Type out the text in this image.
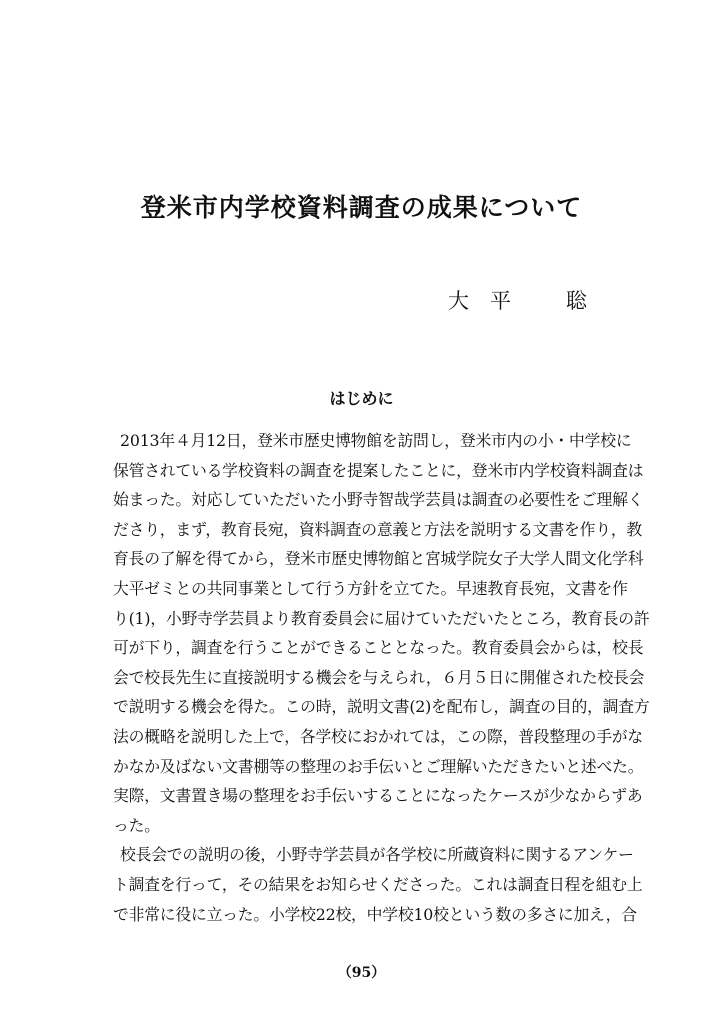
登米市内学校資料調査の成果について
大 平	聡
はじめに
2013年４月12日，登米市歴史博物館を訪問し，登米市内の小・中学校に
保管されている学校資料の調査を提案したことに，登米市内学校資料調査は
始まった。対応していただいた小野寺智哉学芸員は調査の必要性をご理解く
ださり，まず，教育長宛，資料調査の意義と方法を説明する文書を作り，教
育長の了解を得てから，登米市歴史博物館と宮城学院女子大学人間文化学科
大平ゼミとの共同事業として行う方針を立てた。早速教育長宛，文書を作
り(1)，小野寺学芸員より教育委員会に届けていただいたところ，教育長の許
可が下り，調査を行うことができることとなった。教育委員会からは，校長
会で校長先生に直接説明する機会を与えられ，６月５日に開催された校長会
で説明する機会を得た。この時，説明文書(2)を配布し，調査の目的，調査方
法の概略を説明した上で，各学校におかれては，この際，普段整理の手がな
かなか及ばない文書棚等の整理のお手伝いとご理解いただきたいと述べた。
実際，文書置き場の整理をお手伝いすることになったケースが少なからずあ
った。
校長会での説明の後，小野寺学芸員が各学校に所蔵資料に関するアンケー
ト調査を行って，その結果をお知らせくださった。これは調査日程を組む上
で非常に役に立った。小学校22校，中学校10校という数の多さに加え，合
（95）
